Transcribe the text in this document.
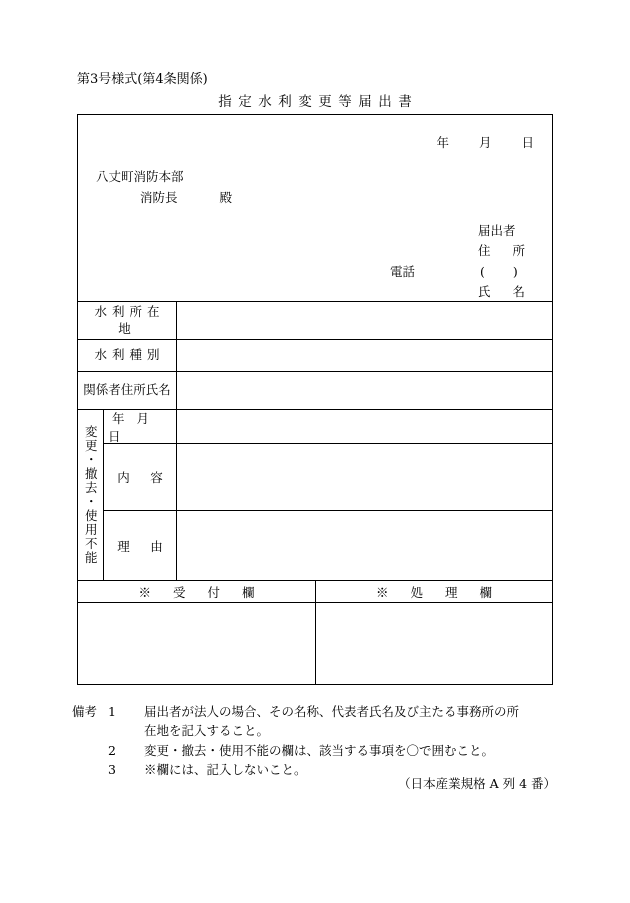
第3号様式(第4条関係)
指定水利変更等届出書
年 月 日
八丈町消防本部
消防長	殿
届出者
住 所
電話	( )
氏 名
水利所在地
水利種別
関係者住所氏名
変更・撤去・使用不能
年 月 日
内　容
理　由
※ 受 付 欄	※ 処 理 欄
備考 1	届出者が法人の場合、その名称、代表者氏名及び主たる事務所の所
在地を記入すること。
2	変更・撤去・使用不能の欄は、該当する事項を〇で囲むこと。
3	※欄には、記入しないこと。
（日本産業規格 A 列 4 番）
